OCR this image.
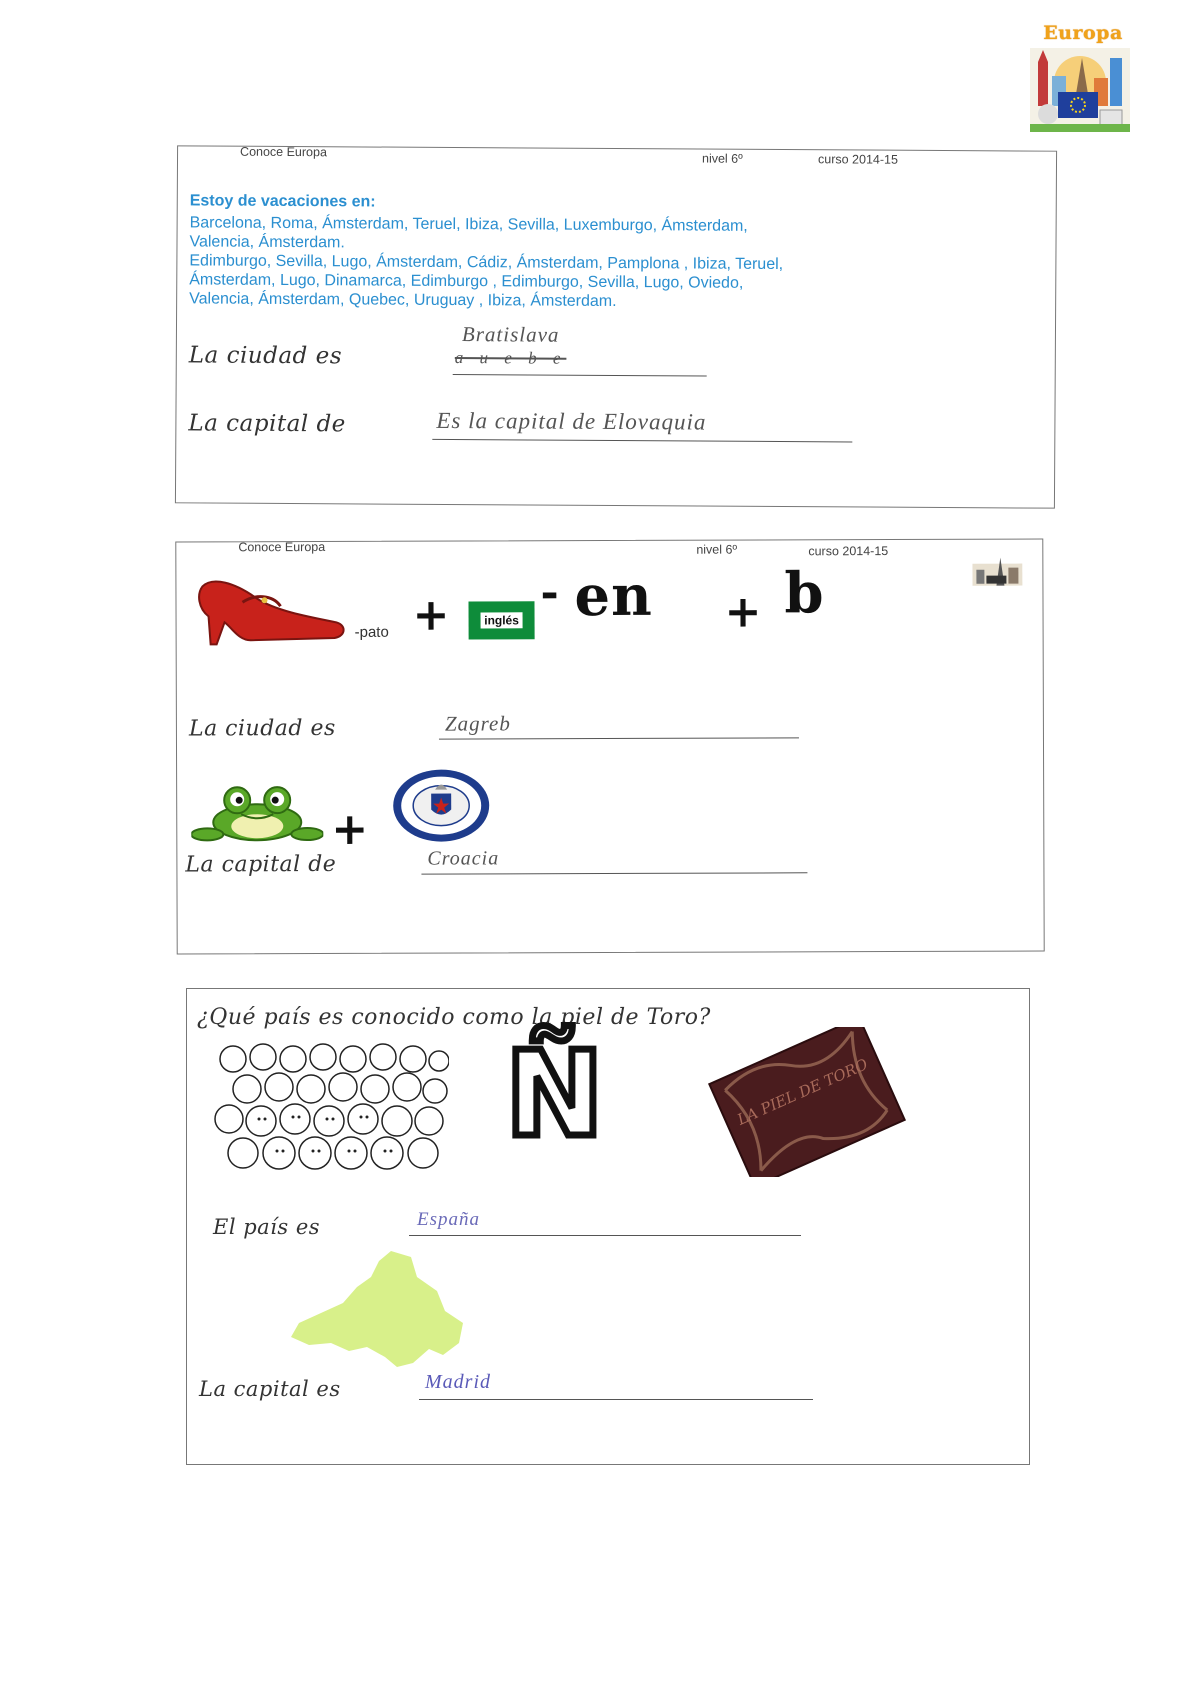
Europa
Conoce Europa	nivel 6º	curso 2014-15
Estoy de vacaciones en:
Barcelona, Roma, Ámsterdam, Teruel, Ibiza, Sevilla, Luxemburgo, Ámsterdam,
Valencia, Ámsterdam.
Edimburgo, Sevilla, Lugo, Ámsterdam, Cádiz, Ámsterdam, Pamplona , Ibiza, Teruel,
Ámsterdam, Lugo, Dinamarca, Edimburgo , Edimburgo, Sevilla, Lugo, Oviedo,
Valencia, Ámsterdam, Quebec, Uruguay , Ibiza, Ámsterdam.
La ciudad es
Bratislava
a u e b e
La capital de	Es la capital de Elovaquia
Conoce Europa	nivel 6º	curso 2014-15
-pato +	inglés
- en + b
La ciudad es	Zagreb
+
La capital de	Croacia
¿Qué país es conocido como la piel de Toro?
Ñ	LA PIEL DE TORO
El país es	España
La capital es	Madrid
